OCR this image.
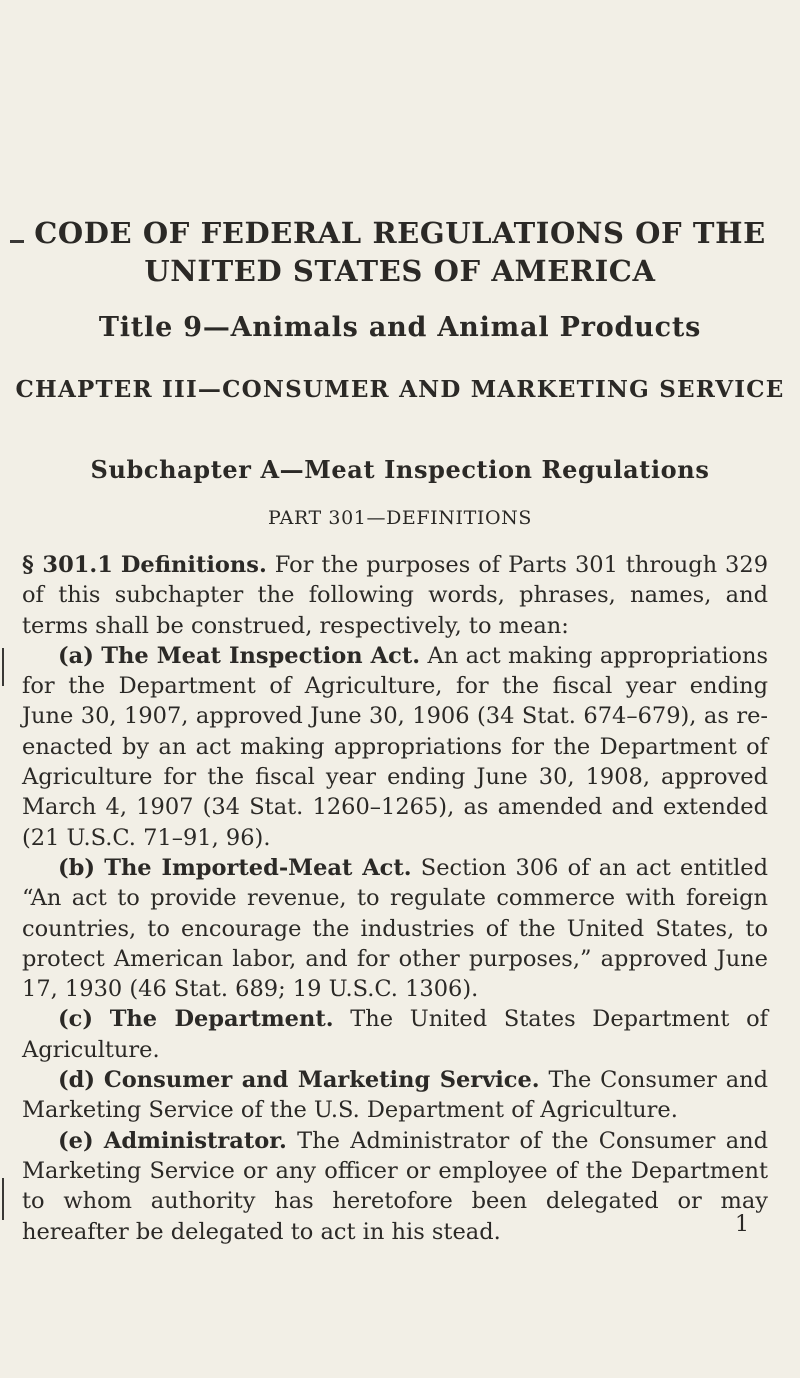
CODE OF FEDERAL REGULATIONS OF THE UNITED STATES OF AMERICA
Title 9—Animals and Animal Products
CHAPTER III—CONSUMER AND MARKETING SERVICE
Subchapter A—Meat Inspection Regulations
PART 301—DEFINITIONS

§ 301.1 Definitions. For the purposes of Parts 301 through 329 of this subchapter the following words, phrases, names, and terms shall be construed, respectively, to mean:

(a) The Meat Inspection Act. An act making appropriations for the Department of Agriculture, for the fiscal year ending June 30, 1907, approved June 30, 1906 (34 Stat. 674–679), as re-enacted by an act making appropriations for the Department of Agriculture for the fiscal year ending June 30, 1908, approved March 4, 1907 (34 Stat. 1260–1265), as amended and extended (21 U.S.C. 71–91, 96).

(b) The Imported-Meat Act. Section 306 of an act entitled “An act to provide revenue, to regulate commerce with foreign countries, to encourage the industries of the United States, to protect American labor, and for other purposes,” approved June 17, 1930 (46 Stat. 689; 19 U.S.C. 1306).

(c) The Department. The United States Department of Agriculture.

(d) Consumer and Marketing Service. The Consumer and Marketing Service of the U.S. Department of Agriculture.

(e) Administrator. The Administrator of the Consumer and Marketing Service or any officer or employee of the Department to whom authority has heretofore been delegated or may hereafter be delegated to act in his stead.	1
